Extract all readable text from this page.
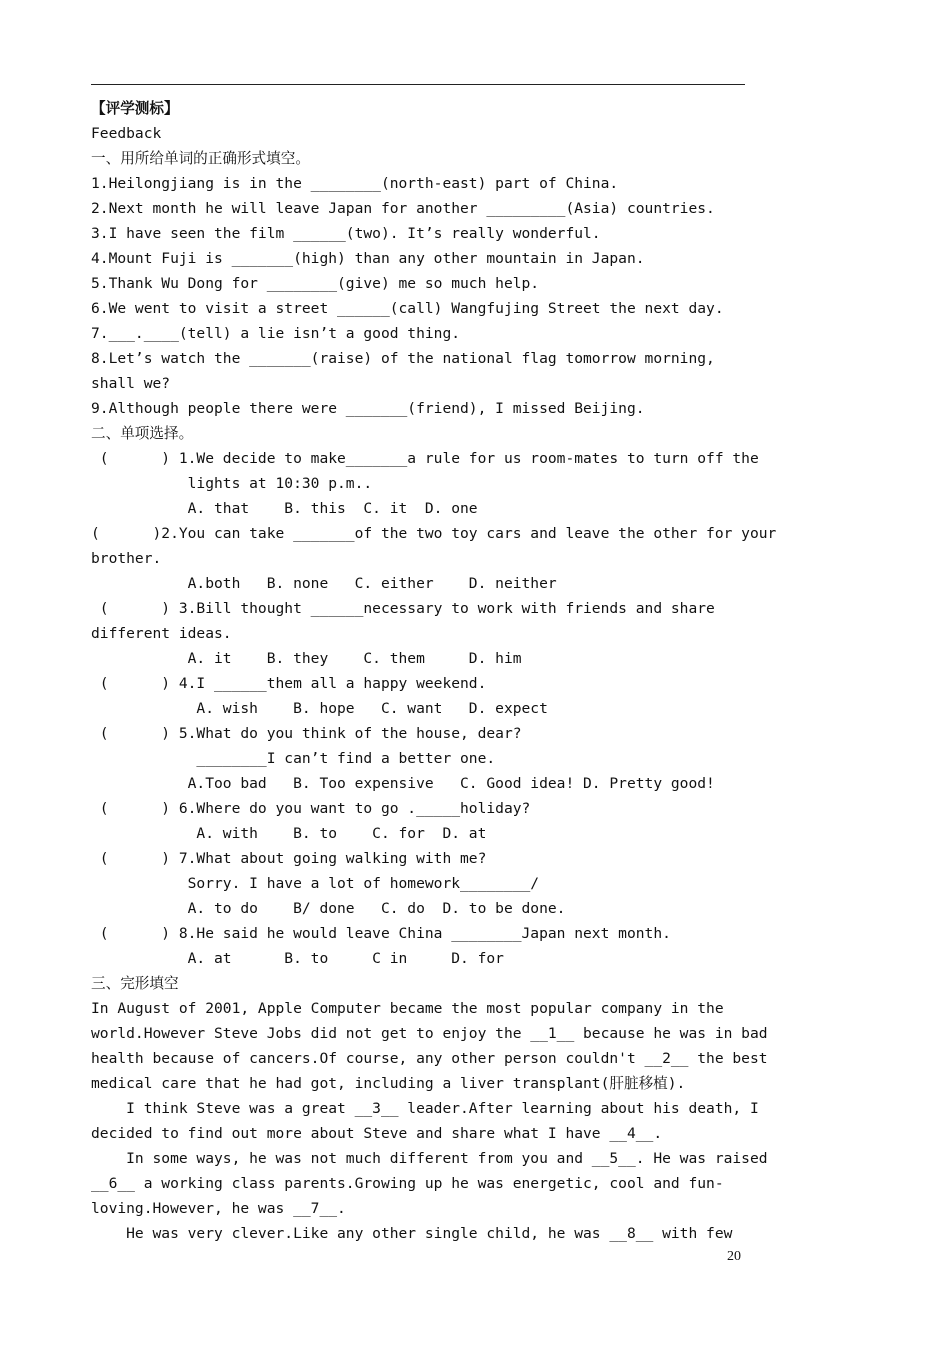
【评学测标】
Feedback
一、用所给单词的正确形式填空。
1.Heilongjiang is in the ________(north-east) part of China.
2.Next month he will leave Japan for another _________(Asia) countries.
3.I have seen the film ______(two). It’s really wonderful.
4.Mount Fuji is _______(high) than any other mountain in Japan.
5.Thank Wu Dong for ________(give) me so much help.
6.We went to visit a street ______(call) Wangfujing Street the next day.
7.___.____(tell) a lie isn’t a good thing.
8.Let’s watch the _______(raise) of the national flag tomorrow morning,
shall we?
9.Although people there were _______(friend), I missed Beijing.
二、单项选择。
(      ) 1.We decide to make_______a rule for us room-mates to turn off the
lights at 10:30 p.m..
A. that    B. this  C. it  D. one
(      )2.You can take _______of the two toy cars and leave the other for your
brother.
A.both   B. none   C. either    D. neither
(      ) 3.Bill thought ______necessary to work with friends and share
different ideas.
A. it    B. they    C. them     D. him
(      ) 4.I ______them all a happy weekend.
A. wish    B. hope   C. want   D. expect
(      ) 5.What do you think of the house, dear?
________I can’t find a better one.
A.Too bad   B. Too expensive   C. Good idea! D. Pretty good!
(      ) 6.Where do you want to go ._____holiday?
A. with    B. to    C. for  D. at
(      ) 7.What about going walking with me?
Sorry. I have a lot of homework________/
A. to do    B/ done   C. do  D. to be done.
(      ) 8.He said he would leave China ________Japan next month.
A. at      B. to     C in     D. for
三、完形填空
In August of 2001, Apple Computer became the most popular company in the
world.However Steve Jobs did not get to enjoy the __1__ because he was in bad
health because of cancers.Of course, any other person couldn't __2__ the best
medical care that he had got, including a liver transplant(肝脏移植).
I think Steve was a great __3__ leader.After learning about his death, I
decided to find out more about Steve and share what I have __4__.
In some ways, he was not much different from you and __5__. He was raised
__6__ a working class parents.Growing up he was energetic, cool and fun-
loving.However, he was __7__.
He was very clever.Like any other single child, he was __8__ with few
20
